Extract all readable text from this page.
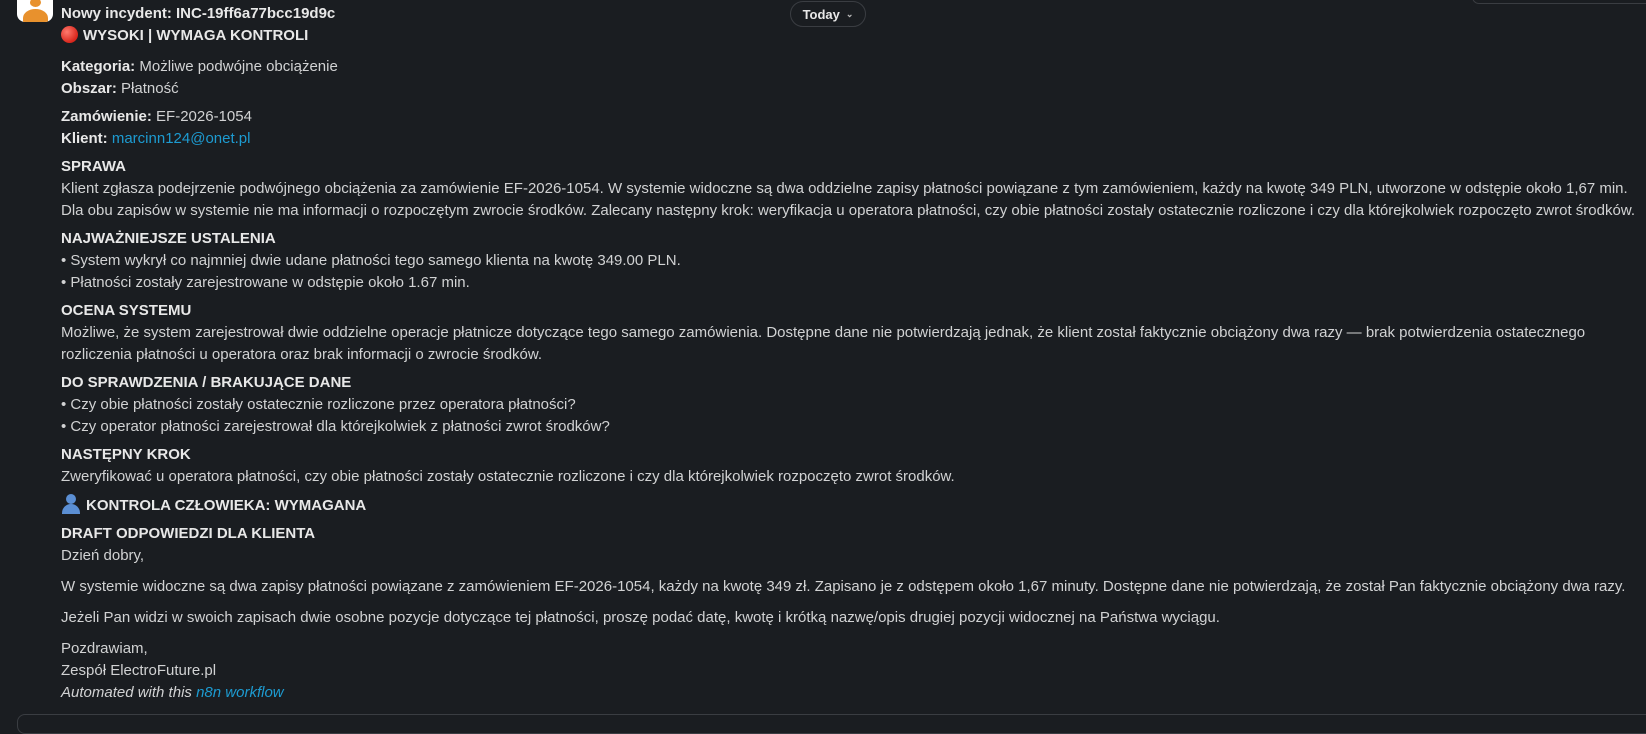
Today ⌄
Nowy incydent: INC-19ff6a77bcc19d9c
WYSOKI | WYMAGA KONTROLI
Kategoria: Możliwe podwójne obciążenie
Obszar: Płatność
Zamówienie: EF-2026-1054
Klient: marcinn124@onet.pl
SPRAWA
Klient zgłasza podejrzenie podwójnego obciążenia za zamówienie EF-2026-1054. W systemie widoczne są dwa oddzielne zapisy płatności powiązane z tym zamówieniem, każdy na kwotę 349 PLN, utworzone w odstępie około 1,67 min. Dla obu zapisów w systemie nie ma informacji o rozpoczętym zwrocie środków. Zalecany następny krok: weryfikacja u operatora płatności, czy obie płatności zostały ostatecznie rozliczone i czy dla którejkolwiek rozpoczęto zwrot środków.
NAJWAŻNIEJSZE USTALENIA
• System wykrył co najmniej dwie udane płatności tego samego klienta na kwotę 349.00 PLN.
• Płatności zostały zarejestrowane w odstępie około 1.67 min.
OCENA SYSTEMU
Możliwe, że system zarejestrował dwie oddzielne operacje płatnicze dotyczące tego samego zamówienia. Dostępne dane nie potwierdzają jednak, że klient został faktycznie obciążony dwa razy — brak potwierdzenia ostatecznego rozliczenia płatności u operatora oraz brak informacji o zwrocie środków.
DO SPRAWDZENIA / BRAKUJĄCE DANE
• Czy obie płatności zostały ostatecznie rozliczone przez operatora płatności?
• Czy operator płatności zarejestrował dla którejkolwiek z płatności zwrot środków?
NASTĘPNY KROK
Zweryfikować u operatora płatności, czy obie płatności zostały ostatecznie rozliczone i czy dla którejkolwiek rozpoczęto zwrot środków.
KONTROLA CZŁOWIEKA: WYMAGANA
DRAFT ODPOWIEDZI DLA KLIENTA
Dzień dobry,
W systemie widoczne są dwa zapisy płatności powiązane z zamówieniem EF-2026-1054, każdy na kwotę 349 zł. Zapisano je z odstępem około 1,67 minuty. Dostępne dane nie potwierdzają, że został Pan faktycznie obciążony dwa razy.
Jeżeli Pan widzi w swoich zapisach dwie osobne pozycje dotyczące tej płatności, proszę podać datę, kwotę i krótką nazwę/opis drugiej pozycji widocznej na Państwa wyciągu.
Pozdrawiam,
Zespół ElectroFuture.pl
Automated with this n8n workflow
